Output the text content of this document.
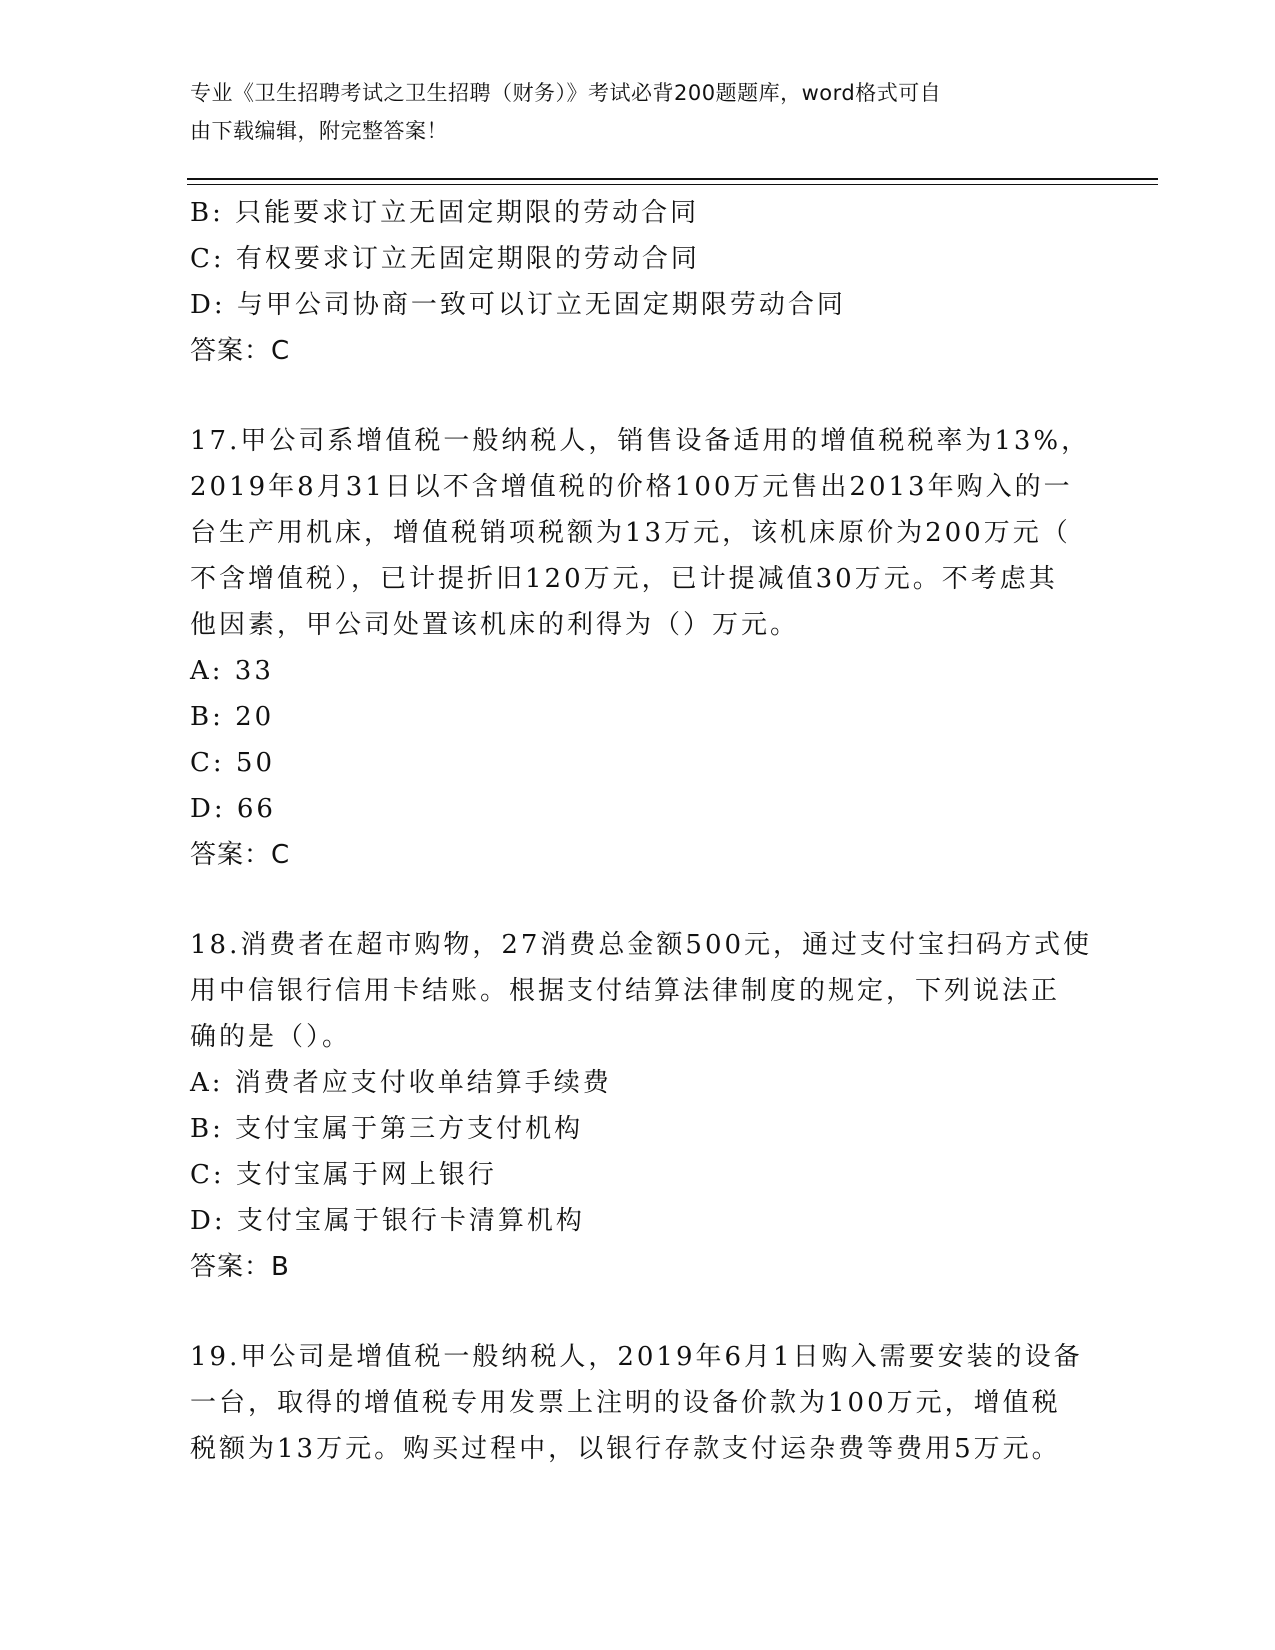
专业《卫生招聘考试之卫生招聘（财务）》考试必背200题题库，word格式可自
由下载编辑，附完整答案！
B: 只能要求订立无固定期限的劳动合同
C: 有权要求订立无固定期限的劳动合同
D: 与甲公司协商一致可以订立无固定期限劳动合同
答案：C
17.甲公司系增值税一般纳税人，销售设备适用的增值税税率为13%，
2019年8月31日以不含增值税的价格100万元售出2013年购入的一
台生产用机床，增值税销项税额为13万元，该机床原价为200万元（
不含增值税），已计提折旧120万元，已计提减值30万元。不考虑其
他因素，甲公司处置该机床的利得为（）万元。
A: 33
B: 20
C: 50
D: 66
答案：C
18.消费者在超市购物，27消费总金额500元，通过支付宝扫码方式使
用中信银行信用卡结账。根据支付结算法律制度的规定，下列说法正
确的是（）。
A: 消费者应支付收单结算手续费
B: 支付宝属于第三方支付机构
C: 支付宝属于网上银行
D: 支付宝属于银行卡清算机构
答案：B
19.甲公司是增值税一般纳税人，2019年6月1日购入需要安装的设备
一台，取得的增值税专用发票上注明的设备价款为100万元，增值税
税额为13万元。购买过程中，以银行存款支付运杂费等费用5万元。
